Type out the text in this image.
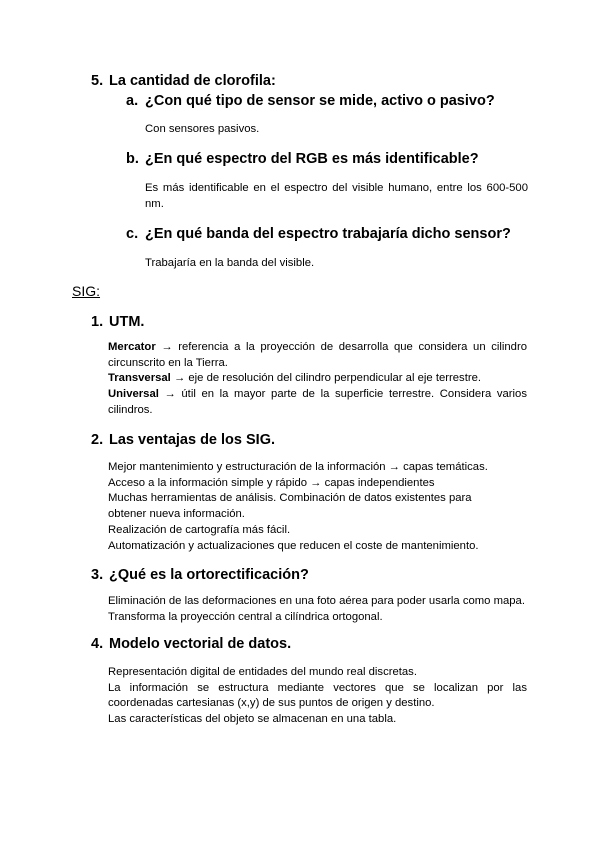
5. La cantidad de clorofila:
a. ¿Con qué tipo de sensor se mide, activo o pasivo?

Con sensores pasivos.

b. ¿En qué espectro del RGB es más identificable?

Es más identificable en el espectro del visible humano, entre los 600-500 nm.

c. ¿En qué banda del espectro trabajaría dicho sensor?

Trabajaría en la banda del visible.

SIG:
1. UTM.
Mercator → referencia a la proyección de desarrolla que considera un cilindro circunscrito en la Tierra.
Transversal → eje de resolución del cilindro perpendicular al eje terrestre.
Universal → útil en la mayor parte de la superficie terrestre. Considera varios cilindros.
2. Las ventajas de los SIG.
Mejor mantenimiento y estructuración de la información → capas temáticas.
Acceso a la información simple y rápido → capas independientes
Muchas herramientas de análisis. Combinación de datos existentes para obtener nueva información.
Realización de cartografía más fácil.
Automatización y actualizaciones que reducen el coste de mantenimiento.
3. ¿Qué es la ortorectificación?

Eliminación de las deformaciones en una foto aérea para poder usarla como mapa. Transforma la proyección central a cilíndrica ortogonal.

4. Modelo vectorial de datos.
Representación digital de entidades del mundo real discretas.
La información se estructura mediante vectores que se localizan por las coordenadas cartesianas (x,y) de sus puntos de origen y destino.
Las características del objeto se almacenan en una tabla.
